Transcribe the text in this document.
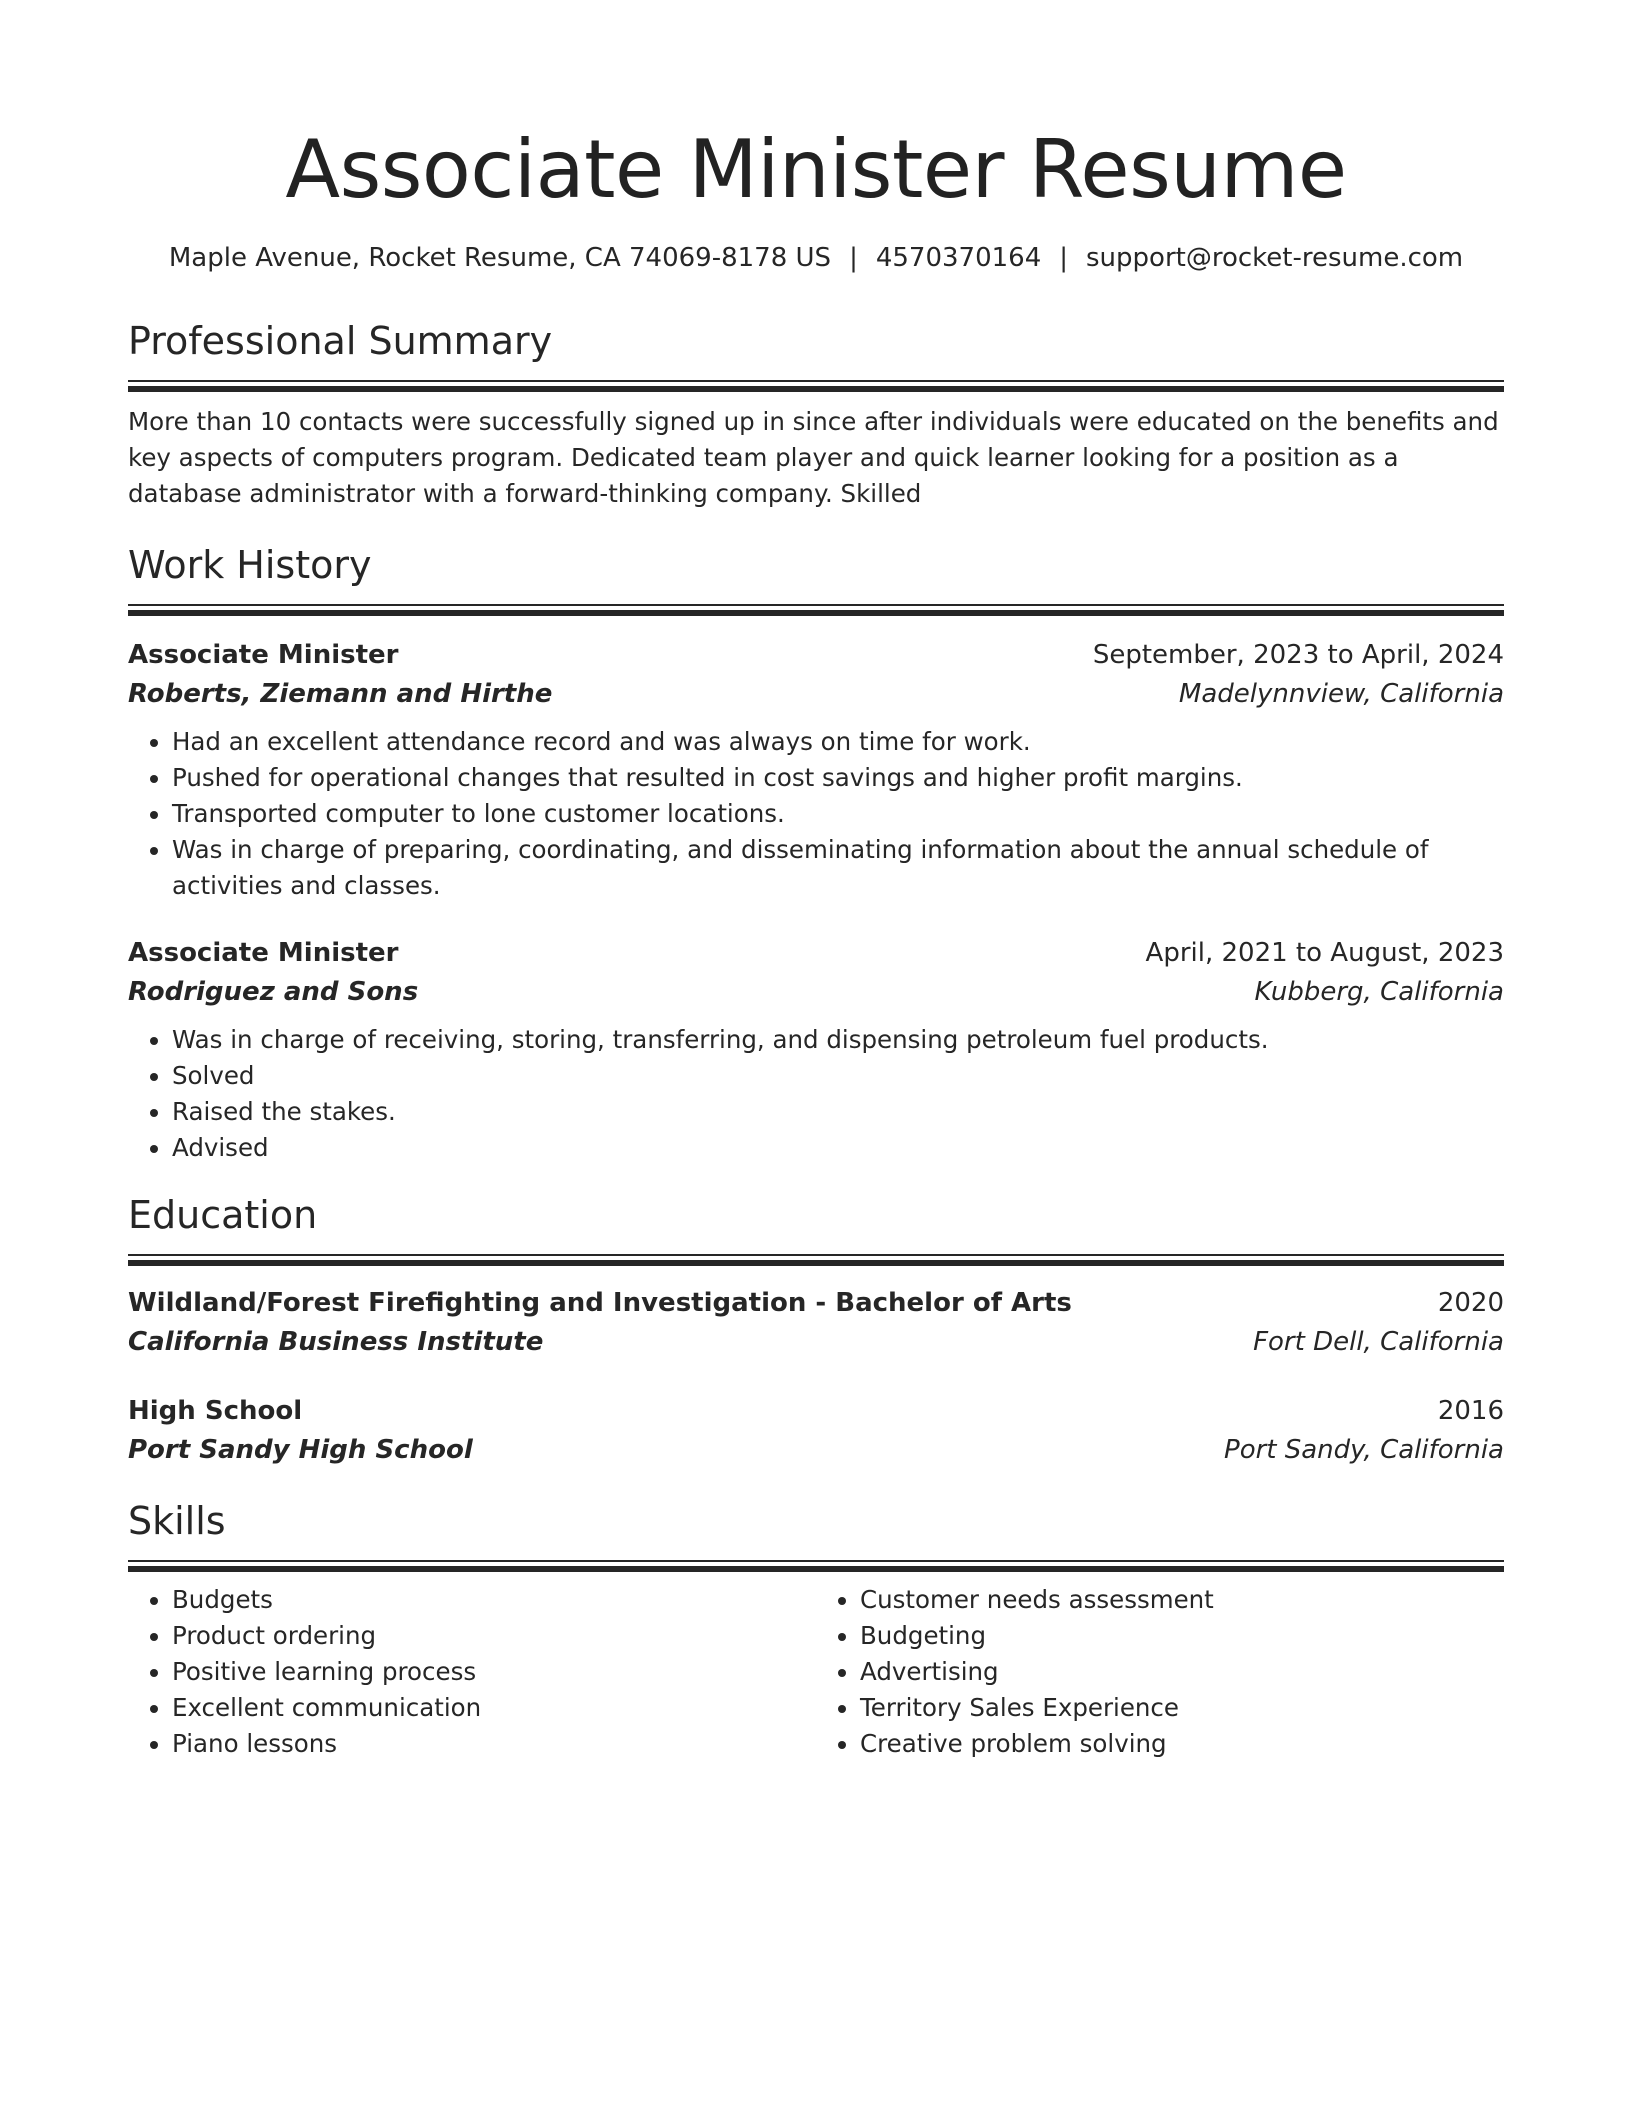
Associate Minister Resume
Maple Avenue, Rocket Resume, CA 74069-8178 US | 4570370164 | support@rocket-resume.com
Professional Summary
More than 10 contacts were successfully signed up in since after individuals were educated on the benefits and key aspects of computers program. Dedicated team player and quick learner looking for a position as a database administrator with a forward-thinking company. Skilled
Work History
Associate Minister	September, 2023 to April, 2024
Roberts, Ziemann and Hirthe	Madelynnview, California
• Had an excellent attendance record and was always on time for work.
• Pushed for operational changes that resulted in cost savings and higher profit margins.
• Transported computer to lone customer locations.
• Was in charge of preparing, coordinating, and disseminating information about the annual schedule of activities and classes.
Associate Minister	April, 2021 to August, 2023
Rodriguez and Sons	Kubberg, California
• Was in charge of receiving, storing, transferring, and dispensing petroleum fuel products.
• Solved
• Raised the stakes.
• Advised
Education
Wildland/Forest Firefighting and Investigation - Bachelor of Arts	2020
California Business Institute	Fort Dell, California
High School	2016
Port Sandy High School	Port Sandy, California
Skills
• Budgets
• Product ordering
• Positive learning process
• Excellent communication
• Piano lessons
• Customer needs assessment
• Budgeting
• Advertising
• Territory Sales Experience
• Creative problem solving
